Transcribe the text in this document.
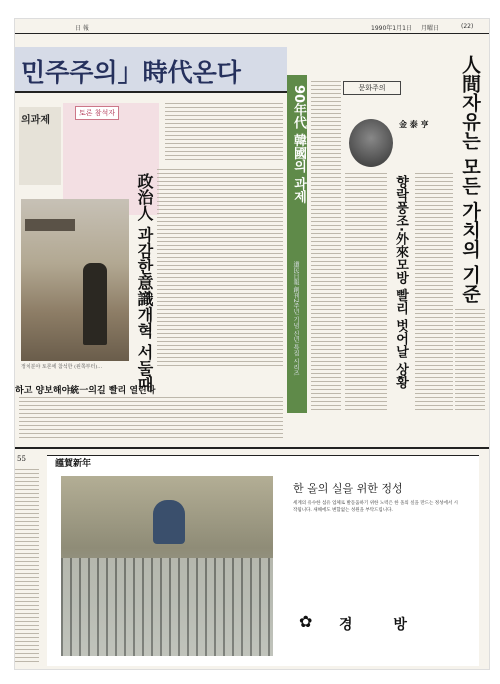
日 報	1990年1月1日 月曜日	(22)
민주주의」時代온다
의과제
토론 참석자
政治人 과감한意識개혁 서둘때
정치분야 토론에 참석한 (왼쪽부터)...
하고 양보해야統一의길 빨리 열린다
90年代 韓國의 과제
道民日報 創刊2주년 기념 신년 특집 시리즈
문화주의
金 泰 亨
향락풍조·外來모방 빨리 벗어날 상황	人間자유는 모든 가치의 기준
55	謹賀新年
한 올의 실을 위한 정성
세계의 유수한 섬유 업체로 발돋움하기 위한 노력은 한 올의 실을 만드는 정성에서 시작됩니다. 새해에도 변함없는 성원을 부탁드립니다.
✿ 경 방
